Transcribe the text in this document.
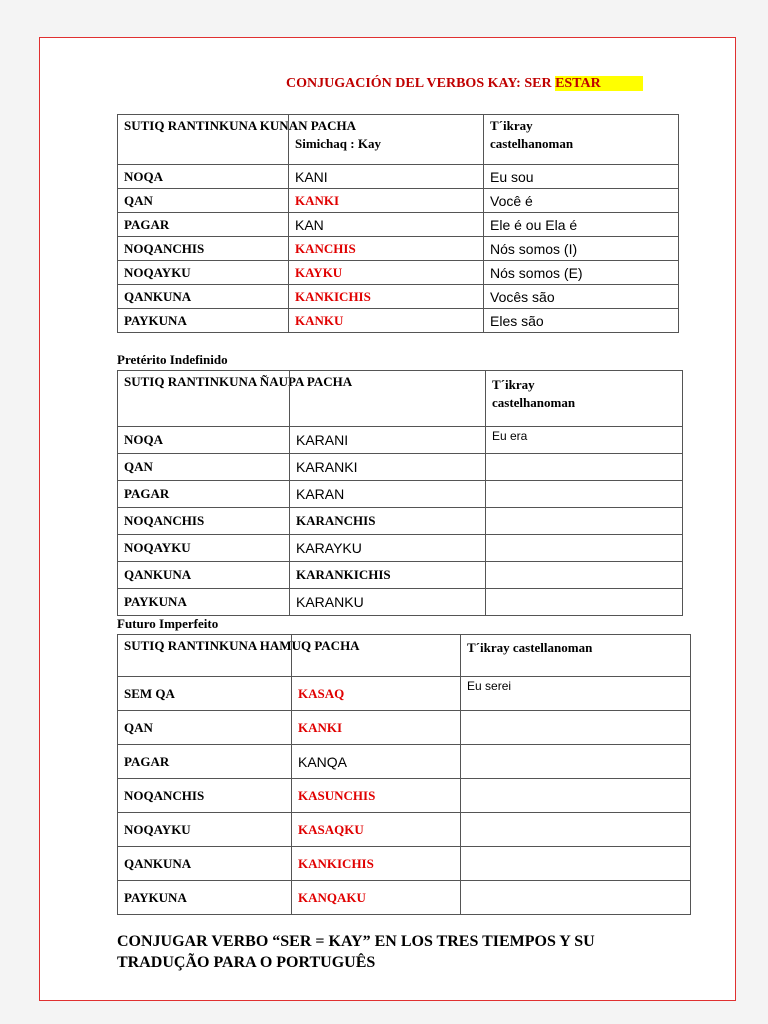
CONJUGACIÓN DEL VERBOS KAY: SER ESTAR
SUTIQ RANTINKUNA KUNAN PACHA
Simichaq : Kay		T´ikray
castelhanoman

NOQA	KANI	Eu sou
QAN	KANKI	Você é
PAGAR	KAN	Ele é ou Ela é
NOQANCHIS	KANCHIS	Nós somos (I)
NOQAYKU	KAYKU	Nós somos (E)
QANKUNA	KANKICHIS	Vocês são
PAYKUNA	KANKU	Eles são
Pretérito Indefinido
SUTIQ RANTINKUNA ÑAUPA PACHA		T´ikray
castelhanoman

NOQA	KARANI	Eu era
QAN	KARANKI	
PAGAR	KARAN	
NOQANCHIS	KARANCHIS	
NOQAYKU	KARAYKU	
QANKUNA	KARANKICHIS	
PAYKUNA	KARANKU	
Futuro Imperfeito
SUTIQ RANTINKUNA HAMUQ PACHA		T´ikray castellanoman
SEM QA	KASAQ	Eu serei
QAN	KANKI	
PAGAR	KANQA	
NOQANCHIS	KASUNCHIS	
NOQAYKU	KASAQKU	
QANKUNA	KANKICHIS	
PAYKUNA	KANQAKU	
CONJUGAR VERBO “SER = KAY” EN LOS TRES TIEMPOS Y SU
TRADUÇÃO PARA O PORTUGUÊS
